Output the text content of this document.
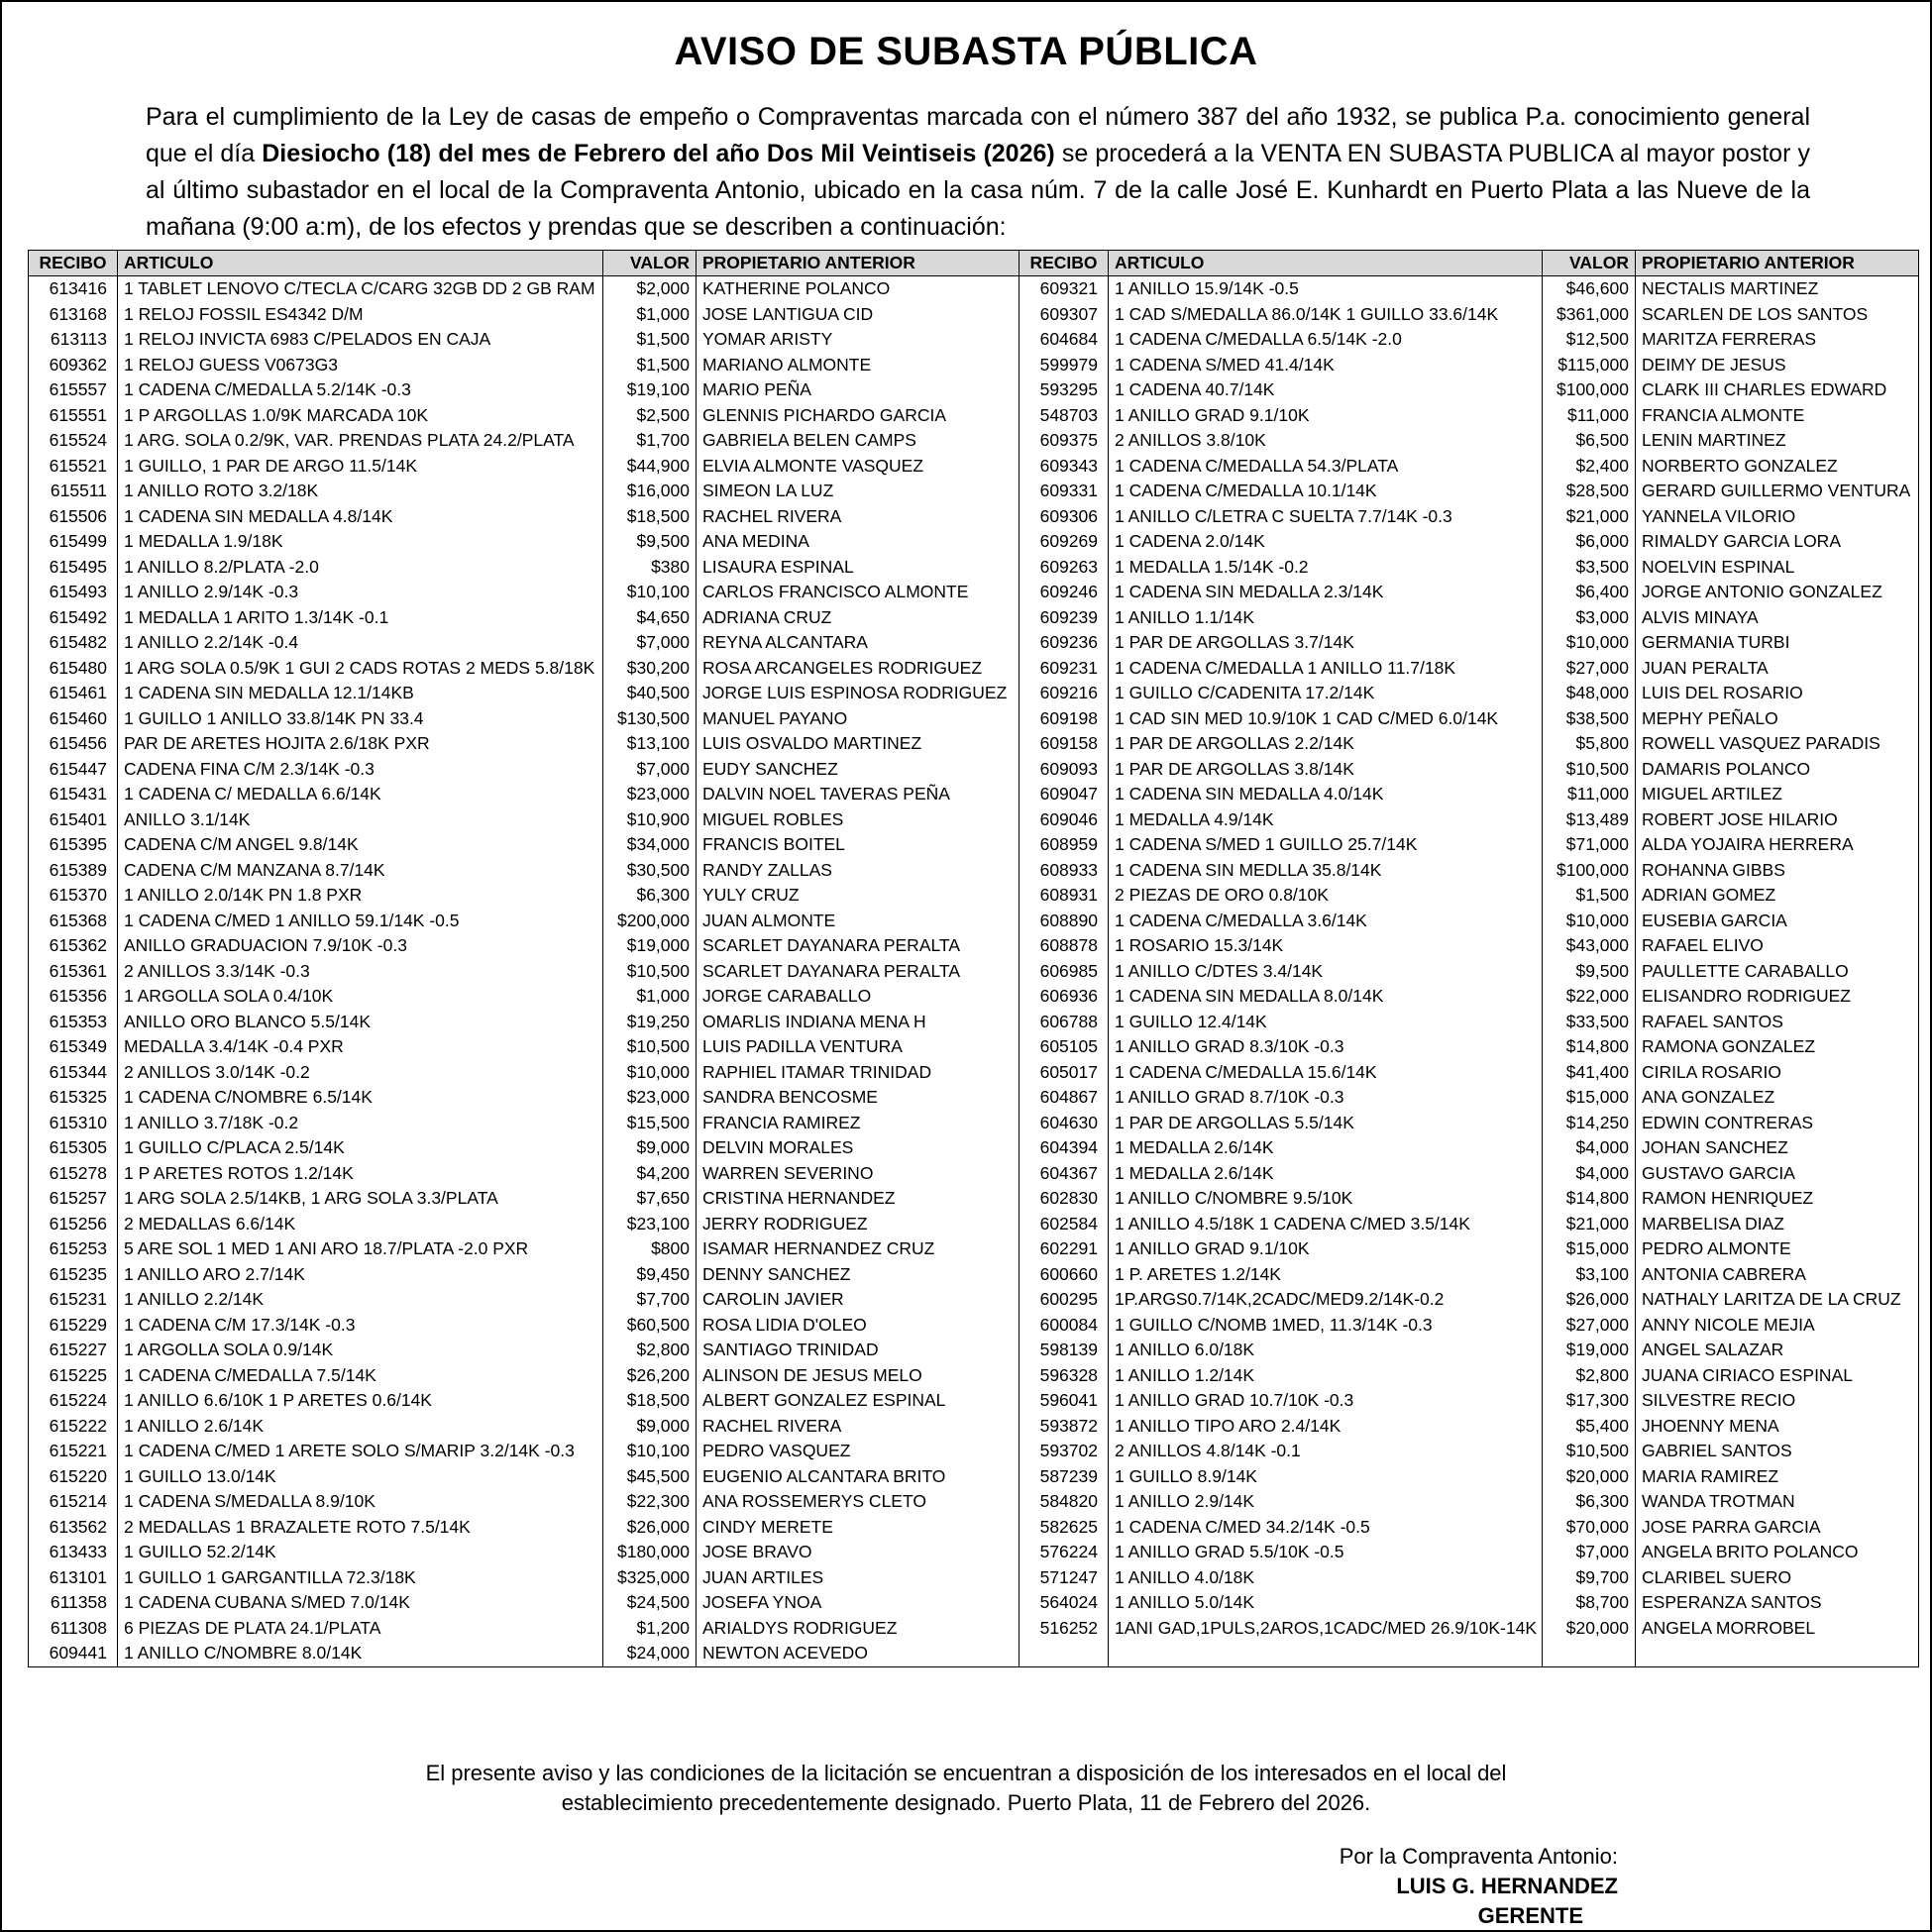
AVISO DE SUBASTA PÚBLICA
Para el cumplimiento de la Ley de casas de empeño o Compraventas marcada con el número 387 del año 1932, se publica P.a. conocimiento general que el día Diesiocho (18) del mes de Febrero del año Dos Mil Veintiseis (2026) se procederá a la VENTA EN SUBASTA PUBLICA al mayor postor y al último subastador en el local de la Compraventa Antonio, ubicado en la casa núm. 7 de la calle José E. Kunhardt en Puerto Plata a las Nueve de la mañana (9:00 a:m), de los efectos y prendas que se describen a continuación:
RECIBO	ARTICULO	VALOR	PROPIETARIO ANTERIOR	RECIBO	ARTICULO	VALOR	PROPIETARIO ANTERIOR
613416	1 TABLET LENOVO C/TECLA C/CARG 32GB DD 2 GB RAM	$2,000	KATHERINE POLANCO	609321	1 ANILLO 15.9/14K -0.5	$46,600	NECTALIS MARTINEZ
613168	1 RELOJ FOSSIL ES4342 D/M	$1,000	JOSE LANTIGUA CID	609307	1 CAD S/MEDALLA 86.0/14K 1 GUILLO 33.6/14K	$361,000	SCARLEN DE LOS SANTOS
613113	1 RELOJ INVICTA 6983 C/PELADOS EN CAJA	$1,500	YOMAR ARISTY	604684	1 CADENA C/MEDALLA 6.5/14K -2.0	$12,500	MARITZA FERRERAS
609362	1 RELOJ GUESS V0673G3	$1,500	MARIANO ALMONTE	599979	1 CADENA S/MED 41.4/14K	$115,000	DEIMY DE JESUS
615557	1 CADENA C/MEDALLA 5.2/14K -0.3	$19,100	MARIO PEÑA	593295	1 CADENA 40.7/14K	$100,000	CLARK III CHARLES EDWARD
615551	1 P ARGOLLAS 1.0/9K MARCADA 10K	$2,500	GLENNIS PICHARDO GARCIA	548703	1 ANILLO GRAD 9.1/10K	$11,000	FRANCIA ALMONTE
615524	1 ARG. SOLA 0.2/9K, VAR. PRENDAS PLATA 24.2/PLATA	$1,700	GABRIELA BELEN CAMPS	609375	2 ANILLOS 3.8/10K	$6,500	LENIN MARTINEZ
615521	1 GUILLO, 1 PAR DE ARGO 11.5/14K	$44,900	ELVIA ALMONTE VASQUEZ	609343	1 CADENA C/MEDALLA 54.3/PLATA	$2,400	NORBERTO GONZALEZ
615511	1 ANILLO ROTO 3.2/18K	$16,000	SIMEON LA LUZ	609331	1 CADENA C/MEDALLA 10.1/14K	$28,500	GERARD GUILLERMO VENTURA
615506	1 CADENA SIN MEDALLA 4.8/14K	$18,500	RACHEL RIVERA	609306	1 ANILLO C/LETRA C SUELTA 7.7/14K -0.3	$21,000	YANNELA VILORIO
615499	1 MEDALLA 1.9/18K	$9,500	ANA MEDINA	609269	1 CADENA 2.0/14K	$6,000	RIMALDY GARCIA LORA
615495	1 ANILLO 8.2/PLATA -2.0	$380	LISAURA ESPINAL	609263	1 MEDALLA 1.5/14K -0.2	$3,500	NOELVIN ESPINAL
615493	1 ANILLO 2.9/14K -0.3	$10,100	CARLOS FRANCISCO ALMONTE	609246	1 CADENA SIN MEDALLA 2.3/14K	$6,400	JORGE ANTONIO GONZALEZ
615492	1 MEDALLA 1 ARITO 1.3/14K -0.1	$4,650	ADRIANA CRUZ	609239	1 ANILLO 1.1/14K	$3,000	ALVIS MINAYA
615482	1 ANILLO 2.2/14K -0.4	$7,000	REYNA ALCANTARA	609236	1 PAR DE ARGOLLAS 3.7/14K	$10,000	GERMANIA TURBI
615480	1 ARG SOLA 0.5/9K 1 GUI 2 CADS ROTAS 2 MEDS 5.8/18K	$30,200	ROSA ARCANGELES RODRIGUEZ	609231	1 CADENA C/MEDALLA 1 ANILLO 11.7/18K	$27,000	JUAN PERALTA
615461	1 CADENA SIN MEDALLA 12.1/14KB	$40,500	JORGE LUIS ESPINOSA RODRIGUEZ	609216	1 GUILLO C/CADENITA 17.2/14K	$48,000	LUIS DEL ROSARIO
615460	1 GUILLO 1 ANILLO 33.8/14K PN 33.4	$130,500	MANUEL PAYANO	609198	1 CAD SIN MED 10.9/10K 1 CAD C/MED 6.0/14K	$38,500	MEPHY PEÑALO
615456	PAR DE ARETES HOJITA 2.6/18K PXR	$13,100	LUIS OSVALDO MARTINEZ	609158	1 PAR DE ARGOLLAS 2.2/14K	$5,800	ROWELL VASQUEZ PARADIS
615447	CADENA FINA C/M 2.3/14K -0.3	$7,000	EUDY SANCHEZ	609093	1 PAR DE ARGOLLAS 3.8/14K	$10,500	DAMARIS POLANCO
615431	1 CADENA C/ MEDALLA 6.6/14K	$23,000	DALVIN NOEL TAVERAS PEÑA	609047	1 CADENA SIN MEDALLA 4.0/14K	$11,000	MIGUEL ARTILEZ
615401	ANILLO 3.1/14K	$10,900	MIGUEL ROBLES	609046	1 MEDALLA 4.9/14K	$13,489	ROBERT JOSE HILARIO
615395	CADENA C/M ANGEL 9.8/14K	$34,000	FRANCIS BOITEL	608959	1 CADENA S/MED 1 GUILLO 25.7/14K	$71,000	ALDA YOJAIRA HERRERA
615389	CADENA C/M MANZANA 8.7/14K	$30,500	RANDY ZALLAS	608933	1 CADENA SIN MEDLLA 35.8/14K	$100,000	ROHANNA GIBBS
615370	1 ANILLO 2.0/14K PN 1.8 PXR	$6,300	YULY CRUZ	608931	2 PIEZAS DE ORO 0.8/10K	$1,500	ADRIAN GOMEZ
615368	1 CADENA C/MED 1 ANILLO 59.1/14K -0.5	$200,000	JUAN ALMONTE	608890	1 CADENA C/MEDALLA 3.6/14K	$10,000	EUSEBIA GARCIA
615362	ANILLO GRADUACION 7.9/10K -0.3	$19,000	SCARLET DAYANARA PERALTA	608878	1 ROSARIO 15.3/14K	$43,000	RAFAEL ELIVO
615361	2 ANILLOS 3.3/14K -0.3	$10,500	SCARLET DAYANARA PERALTA	606985	1 ANILLO C/DTES 3.4/14K	$9,500	PAULLETTE CARABALLO
615356	1 ARGOLLA SOLA 0.4/10K	$1,000	JORGE CARABALLO	606936	1 CADENA SIN MEDALLA 8.0/14K	$22,000	ELISANDRO RODRIGUEZ
615353	ANILLO ORO BLANCO 5.5/14K	$19,250	OMARLIS INDIANA MENA H	606788	1 GUILLO 12.4/14K	$33,500	RAFAEL SANTOS
615349	MEDALLA 3.4/14K -0.4 PXR	$10,500	LUIS PADILLA VENTURA	605105	1 ANILLO GRAD 8.3/10K -0.3	$14,800	RAMONA GONZALEZ
615344	2 ANILLOS 3.0/14K -0.2	$10,000	RAPHIEL ITAMAR TRINIDAD	605017	1 CADENA C/MEDALLA 15.6/14K	$41,400	CIRILA ROSARIO
615325	1 CADENA C/NOMBRE 6.5/14K	$23,000	SANDRA BENCOSME	604867	1 ANILLO GRAD 8.7/10K -0.3	$15,000	ANA GONZALEZ
615310	1 ANILLO 3.7/18K -0.2	$15,500	FRANCIA RAMIREZ	604630	1 PAR DE ARGOLLAS 5.5/14K	$14,250	EDWIN CONTRERAS
615305	1 GUILLO C/PLACA 2.5/14K	$9,000	DELVIN MORALES	604394	1 MEDALLA 2.6/14K	$4,000	JOHAN SANCHEZ
615278	1 P ARETES ROTOS 1.2/14K	$4,200	WARREN SEVERINO	604367	1 MEDALLA 2.6/14K	$4,000	GUSTAVO GARCIA
615257	1 ARG SOLA 2.5/14KB, 1 ARG SOLA 3.3/PLATA	$7,650	CRISTINA HERNANDEZ	602830	1 ANILLO C/NOMBRE 9.5/10K	$14,800	RAMON HENRIQUEZ
615256	2 MEDALLAS 6.6/14K	$23,100	JERRY RODRIGUEZ	602584	1 ANILLO 4.5/18K 1 CADENA C/MED 3.5/14K	$21,000	MARBELISA DIAZ
615253	5 ARE SOL 1 MED 1 ANI ARO 18.7/PLATA -2.0 PXR	$800	ISAMAR HERNANDEZ CRUZ	602291	1 ANILLO GRAD 9.1/10K	$15,000	PEDRO ALMONTE
615235	1 ANILLO ARO 2.7/14K	$9,450	DENNY SANCHEZ	600660	1 P. ARETES 1.2/14K	$3,100	ANTONIA CABRERA
615231	1 ANILLO 2.2/14K	$7,700	CAROLIN JAVIER	600295	1P.ARGS0.7/14K,2CADC/MED9.2/14K-0.2	$26,000	NATHALY LARITZA DE LA CRUZ
615229	1 CADENA C/M 17.3/14K -0.3	$60,500	ROSA LIDIA D'OLEO	600084	1 GUILLO C/NOMB 1MED, 11.3/14K -0.3	$27,000	ANNY NICOLE MEJIA
615227	1 ARGOLLA SOLA 0.9/14K	$2,800	SANTIAGO TRINIDAD	598139	1 ANILLO 6.0/18K	$19,000	ANGEL SALAZAR
615225	1 CADENA C/MEDALLA 7.5/14K	$26,200	ALINSON DE JESUS MELO	596328	1 ANILLO 1.2/14K	$2,800	JUANA CIRIACO ESPINAL
615224	1 ANILLO 6.6/10K 1 P ARETES 0.6/14K	$18,500	ALBERT GONZALEZ ESPINAL	596041	1 ANILLO GRAD 10.7/10K -0.3	$17,300	SILVESTRE RECIO
615222	1 ANILLO 2.6/14K	$9,000	RACHEL RIVERA	593872	1 ANILLO TIPO ARO 2.4/14K	$5,400	JHOENNY MENA
615221	1 CADENA C/MED 1 ARETE SOLO S/MARIP 3.2/14K -0.3	$10,100	PEDRO VASQUEZ	593702	2 ANILLOS 4.8/14K -0.1	$10,500	GABRIEL SANTOS
615220	1 GUILLO 13.0/14K	$45,500	EUGENIO ALCANTARA BRITO	587239	1 GUILLO 8.9/14K	$20,000	MARIA RAMIREZ
615214	1 CADENA S/MEDALLA 8.9/10K	$22,300	ANA ROSSEMERYS CLETO	584820	1 ANILLO 2.9/14K	$6,300	WANDA TROTMAN
613562	2 MEDALLAS 1 BRAZALETE ROTO 7.5/14K	$26,000	CINDY MERETE	582625	1 CADENA C/MED 34.2/14K -0.5	$70,000	JOSE PARRA GARCIA
613433	1 GUILLO 52.2/14K	$180,000	JOSE BRAVO	576224	1 ANILLO GRAD 5.5/10K -0.5	$7,000	ANGELA BRITO POLANCO
613101	1 GUILLO 1 GARGANTILLA 72.3/18K	$325,000	JUAN ARTILES	571247	1 ANILLO 4.0/18K	$9,700	CLARIBEL SUERO
611358	1 CADENA CUBANA S/MED 7.0/14K	$24,500	JOSEFA YNOA	564024	1 ANILLO 5.0/14K	$8,700	ESPERANZA SANTOS
611308	6 PIEZAS DE PLATA 24.1/PLATA	$1,200	ARIALDYS RODRIGUEZ	516252	1ANI GAD,1PULS,2AROS,1CADC/MED 26.9/10K-14K	$20,000	ANGELA MORROBEL
609441	1 ANILLO C/NOMBRE 8.0/14K	$24,000	NEWTON ACEVEDO				
El presente aviso y las condiciones de la licitación se encuentran a disposición de los interesados en el local del
establecimiento precedentemente designado. Puerto Plata, 11 de Febrero del 2026.
Por la Compraventa Antonio:
LUIS G. HERNANDEZ
GERENTE
